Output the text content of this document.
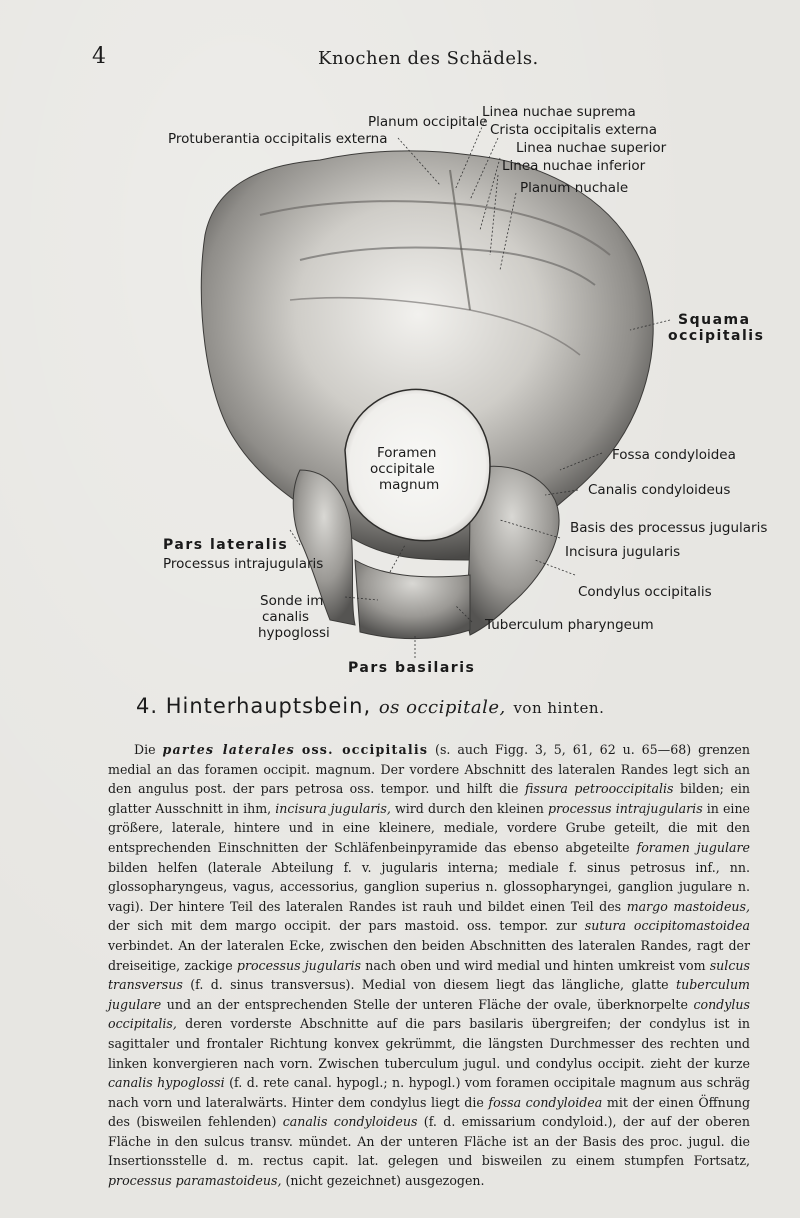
4	Knochen des Schädels.
Linea nuchae suprema
Planum occipitale Crista occipitalis externa
Protuberantia occipitalis externa
Linea nuchae superior
Linea nuchae inferior
Planum nuchale
Squama
occipitalis
Foramen
occipitale
magnum
Fossa condyloidea
Canalis condyloideus
Basis des processus jugularis
Pars lateralis
Processus intrajugularis
Incisura jugularis
Condylus occipitalis
Sonde im
canalis
hypoglossi	Tuberculum pharyngeum
Pars basilaris
4. Hinterhauptsbein, os occipitale, von hinten.
Die partes laterales oss. occipitalis (s. auch Figg. 3, 5, 61, 62 u. 65—68) grenzen medial an das foramen occipit. magnum. Der vordere Abschnitt des lateralen Randes legt sich an den angulus post. der pars petrosa oss. tempor. und hilft die fissura petrooccipitalis bilden; ein glatter Ausschnitt in ihm, incisura jugularis, wird durch den kleinen processus intrajugularis in eine größere, laterale, hintere und in eine kleinere, mediale, vordere Grube geteilt, die mit den entsprechenden Einschnitten der Schläfenbeinpyramide das ebenso abgeteilte foramen jugulare bilden helfen (laterale Abteilung f. v. jugularis interna; mediale f. sinus petrosus inf., nn. glossopharyngeus, vagus, accessorius, ganglion superius n. glossopharyngei, ganglion jugulare n. vagi). Der hintere Teil des lateralen Randes ist rauh und bildet einen Teil des margo mastoideus, der sich mit dem margo occipit. der pars mastoid. oss. tempor. zur sutura occipitomastoidea verbindet. An der lateralen Ecke, zwischen den beiden Abschnitten des lateralen Randes, ragt der dreiseitige, zackige processus jugularis nach oben und wird medial und hinten umkreist vom sulcus transversus (f. d. sinus transversus). Medial von diesem liegt das längliche, glatte tuberculum jugulare und an der entsprechenden Stelle der unteren Fläche der ovale, überknorpelte condylus occipitalis, deren vorderste Abschnitte auf die pars basilaris übergreifen; der condylus ist in sagittaler und frontaler Richtung konvex gekrümmt, die längsten Durchmesser des rechten und linken konvergieren nach vorn. Zwischen tuberculum jugul. und condylus occipit. zieht der kurze canalis hypoglossi (f. d. rete canal. hypogl.; n. hypogl.) vom foramen occipitale magnum aus schräg nach vorn und lateralwärts. Hinter dem condylus liegt die fossa condyloidea mit der einen Öffnung des (bisweilen fehlenden) canalis condyloideus (f. d. emissarium condyloid.), der auf der oberen Fläche in den sulcus transv. mündet. An der unteren Fläche ist an der Basis des proc. jugul. die Insertionsstelle d. m. rectus capit. lat. gelegen und bisweilen zu einem stumpfen Fortsatz, processus paramastoideus, (nicht gezeichnet) ausgezogen.
